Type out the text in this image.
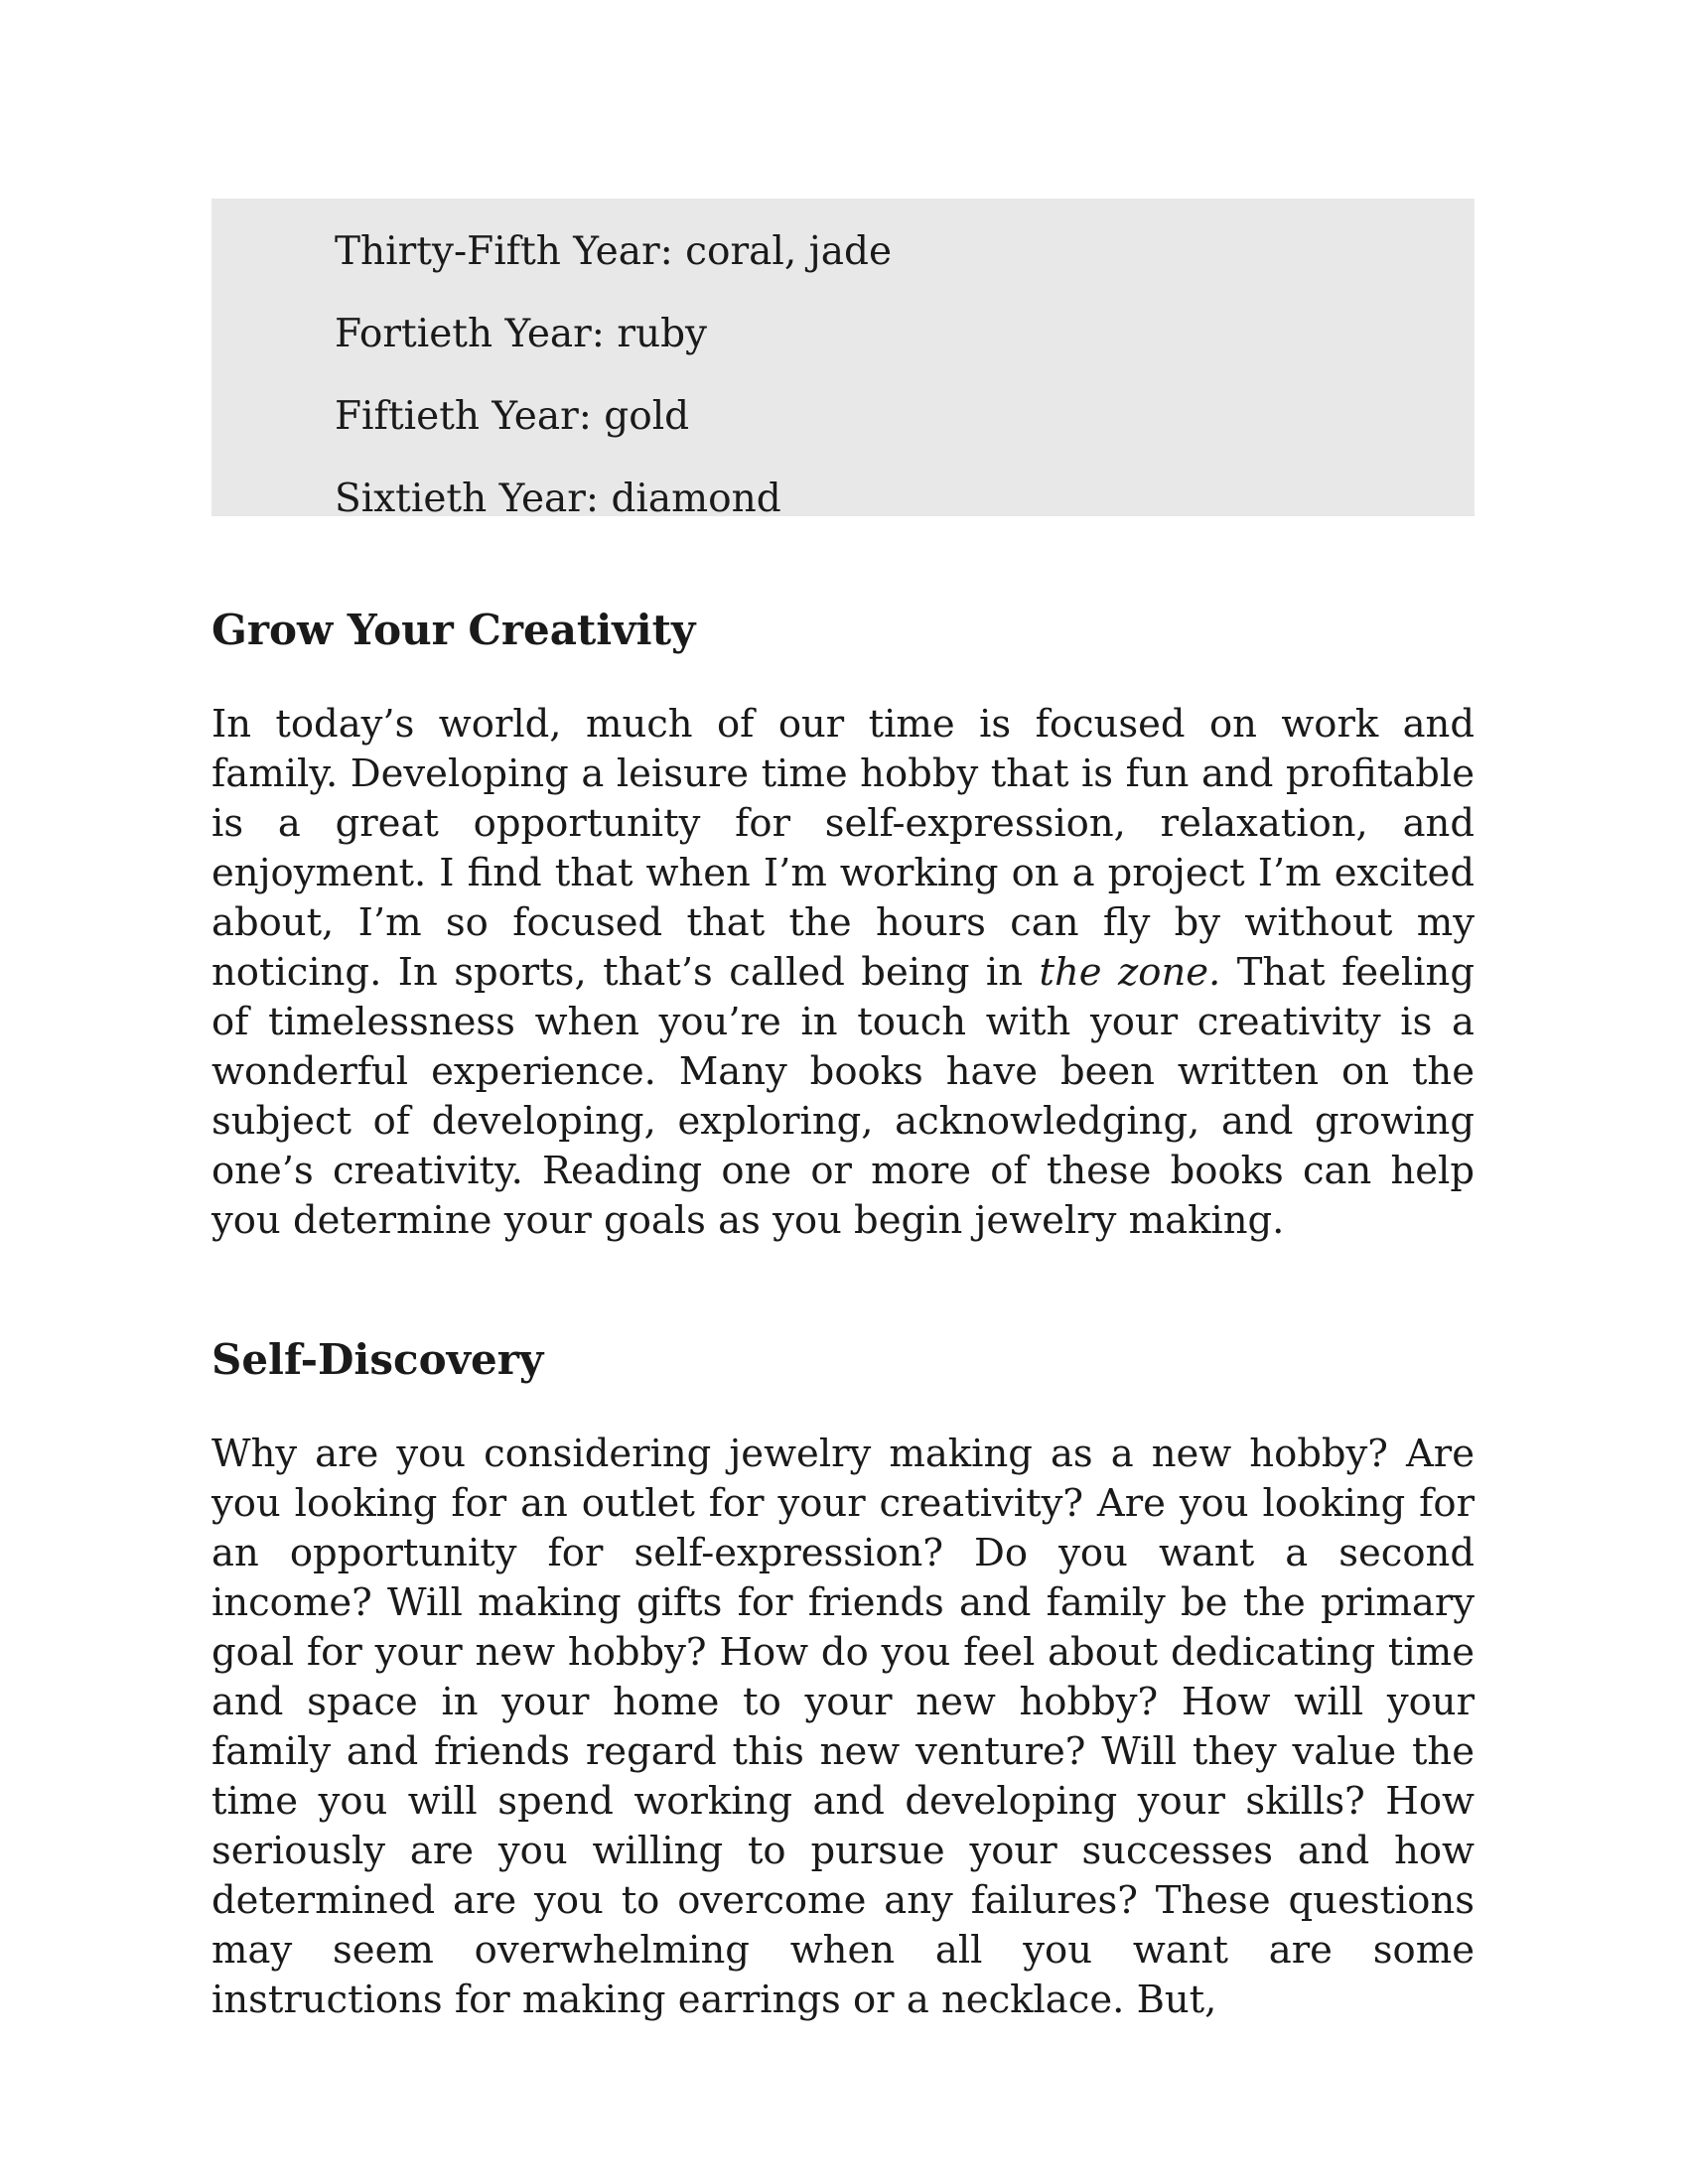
Thirty-Fifth Year: coral, jade
Fortieth Year: ruby
Fiftieth Year: gold
Sixtieth Year: diamond
Grow Your Creativity

In today’s world, much of our time is focused on work and family. Developing a leisure time hobby that is fun and profitable is a great opportunity for self-expression, relaxation, and enjoyment. I find that when I’m working on a project I’m excited about, I’m so focused that the hours can fly by without my noticing. In sports, that’s called being in the zone. That feeling of timelessness when you’re in touch with your creativity is a wonderful experience. Many books have been written on the subject of developing, exploring, acknowledging, and growing one’s creativity. Reading one or more of these books can help you determine your goals as you begin jewelry making.

Self-Discovery

Why are you considering jewelry making as a new hobby? Are you looking for an outlet for your creativity? Are you looking for an opportunity for self-expression? Do you want a second income? Will making gifts for friends and family be the primary goal for your new hobby? How do you feel about dedicating time and space in your home to your new hobby? How will your family and friends regard this new venture? Will they value the time you will spend working and developing your skills? How seriously are you willing to pursue your successes and how determined are you to overcome any failures? These questions may seem overwhelming when all you want are some instructions for making earrings or a necklace. But,
